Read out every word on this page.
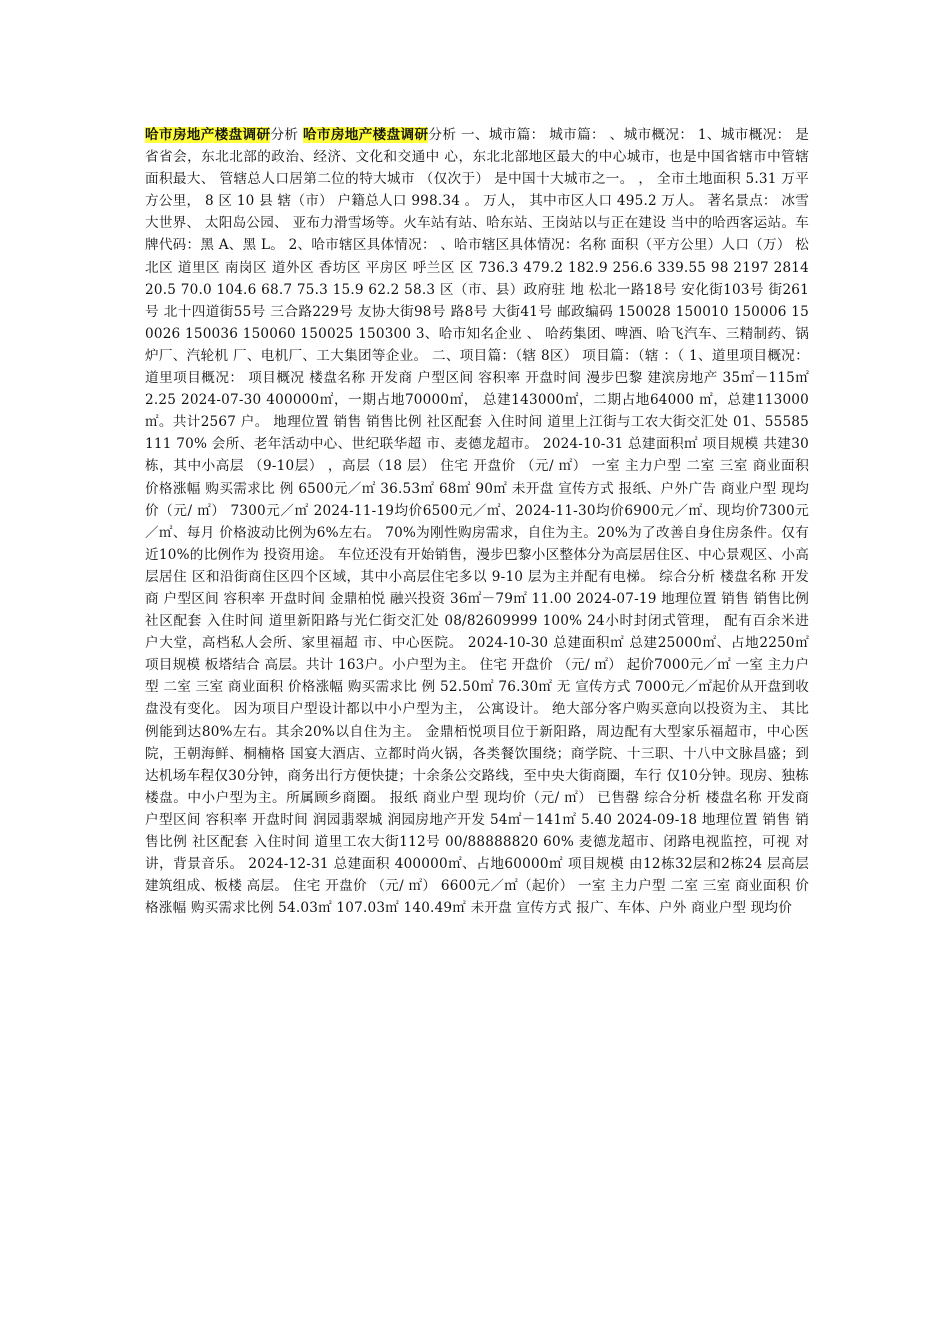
哈市房地产楼盘调研分析 哈市房地产楼盘调研分析 一、城市篇： 城市篇： 、城市概况： 1、城市概况： 是省省会，东北北部的政治、经济、文化和交通中 心，东北北部地区最大的中心城市，也是中国省辖市中管辖面积最大、 管辖总人口居第二位的特大城市 （仅次于） 是中国十大城市之一。 ， 全市土地面积 5.31 万平方公里， 8 区 10 县 辖（市） 户籍总人口 998.34 。 万人， 其中市区人口 495.2 万人。 著名景点： 冰雪大世界、 太阳岛公园、 亚布力滑雪场等。火车站有站、哈东站、王岗站以与正在建设 当中的哈西客运站。车牌代码：黑 A、黑 L。 2、哈市辖区具体情况： 、哈市辖区具体情况：名称 面积（平方公里）人口（万） 松北区 道里区 南岗区 道外区 香坊区 平房区 呼兰区 区 736.3 479.2 182.9 256.6 339.55 98 2197 2814 20.5 70.0 104.6 68.7 75.3 15.9 62.2 58.3 区（市、县）政府驻 地 松北一路18号 安化街103号 街261号 北十四道街55号 三合路229号 友协大街98号 路8号 大街41号 邮政编码 150028 150010 150006 150026 150036 150060 150025 150300 3、哈市知名企业 、 哈药集团、啤酒、哈飞汽车、三精制药、锅炉厂、汽轮机 厂、电机厂、工大集团等企业。 二、项目篇：（辖 8区） 项目篇：（辖 ：（ 1、道里项目概况： 道里项目概况： 项目概况 楼盘名称 开发商 户型区间 容积率 开盘时间 漫步巴黎 建滨房地产 35㎡－115㎡ 2.25 2024-07-30 400000㎡，一期占地70000㎡， 总建143000㎡，二期占地64000 ㎡，总建113000㎡。共计2567 户。 地理位置 销售 销售比例 社区配套 入住时间 道里上江街与工农大街交汇处 01、55585111 70% 会所、老年活动中心、世纪联华超 市、麦德龙超市。 2024-10-31 总建面积㎡ 项目规模 共建30栋，其中小高层 （9-10层） ，高层（18 层） 住宅 开盘价 （元/ ㎡） 一室 主力户型 二室 三室 商业面积 价格涨幅 购买需求比 例 6500元／㎡ 36.53㎡ 68㎡ 90㎡ 未开盘 宣传方式 报纸、户外广告 商业户型 现均价（元/ ㎡） 7300元／㎡ 2024-11-19均价6500元／㎡、2024-11-30均价6900元／㎡、现均价7300元／㎡、每月 价格波动比例为6%左右。 70%为刚性购房需求，自住为主。20%为了改善自身住房条件。仅有近10%的比例作为 投资用途。 车位还没有开始销售，漫步巴黎小区整体分为高层居住区、中心景观区、小高层居住 区和沿街商住区四个区域，其中小高层住宅多以 9-10 层为主并配有电梯。 综合分析 楼盘名称 开发商 户型区间 容积率 开盘时间 金鼎柏悦 融兴投资 36㎡－79㎡ 11.00 2024-07-19 地理位置 销售 销售比例 社区配套 入住时间 道里新阳路与光仁街交汇处 08/82609999 100% 24小时封闭式管理， 配有百余米进 户大堂，高档私人会所、家里福超 市、中心医院。 2024-10-30 总建面积㎡ 总建25000㎡、占地2250㎡ 项目规模 板塔结合 高层。共计 163户。小户型为主。 住宅 开盘价 （元/ ㎡） 起价7000元／㎡ 一室 主力户型 二室 三室 商业面积 价格涨幅 购买需求比 例 52.50㎡ 76.30㎡ 无 宣传方式 7000元／㎡起价从开盘到收盘没有变化。 因为项目户型设计都以中小户型为主， 公寓设计。 绝大部分客户购买意向以投资为主、 其比例能到达80%左右。其余20%以自住为主。 金鼎栢悦项目位于新阳路，周边配有大型家乐福超市，中心医院，王朝海鲜、桐楠格 国宴大酒店、立都时尚火锅，各类餐饮围绕；商学院、十三职、十八中文脉昌盛；到 达机场车程仅30分钟，商务出行方便快捷；十余条公交路线，至中央大街商圈，车行 仅10分钟。现房、独栋楼盘。中小户型为主。所属顾乡商圈。 报纸 商业户型 现均价（元/ ㎡） 已售罄 综合分析 楼盘名称 开发商 户型区间 容积率 开盘时间 润园翡翠城 润园房地产开发 54㎡－141㎡ 5.40 2024-09-18 地理位置 销售 销售比例 社区配套 入住时间 道里工农大街112号 00/88888820 60% 麦德龙超市、闭路电视监控，可视 对讲，背景音乐。 2024-12-31 总建面积 400000㎡、占地60000㎡ 项目规模 由12栋32层和2栋24 层高层建筑组成、板楼 高层。 住宅 开盘价 （元/ ㎡） 6600元／㎡（起价） 一室 主力户型 二室 三室 商业面积 价格涨幅 购买需求比例 54.03㎡ 107.03㎡ 140.49㎡ 未开盘 宣传方式 报广、车体、户外 商业户型 现均价
